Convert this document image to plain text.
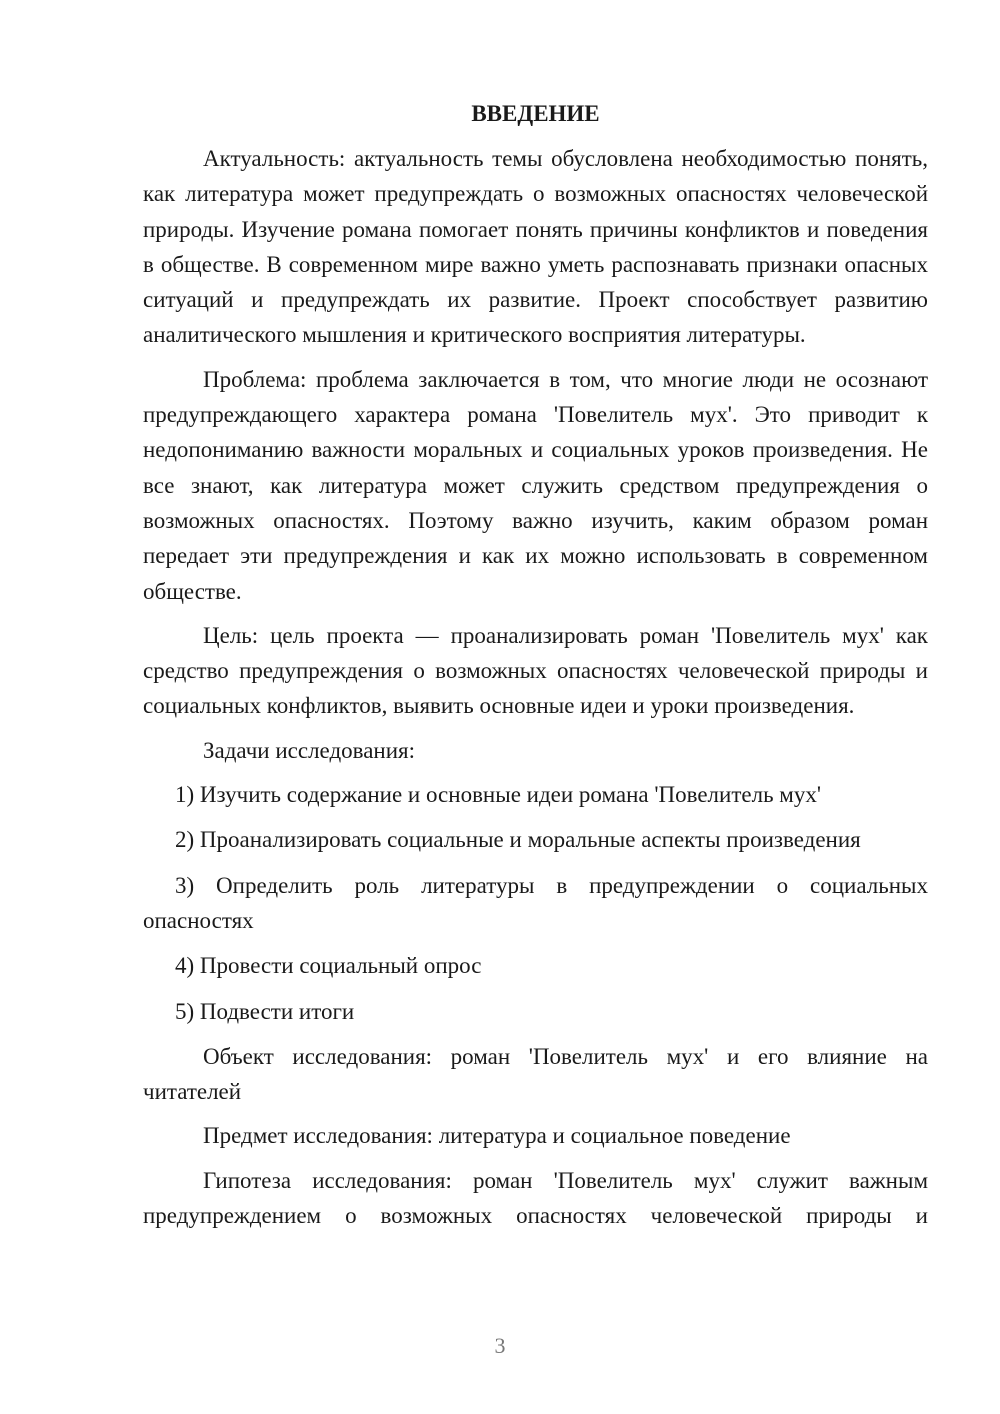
ВВЕДЕНИЕ

Актуальность: актуальность темы обусловлена необходимостью понять, как литература может предупреждать о возможных опасностях человеческой природы. Изучение романа помогает понять причины конфликтов и поведения в обществе. В современном мире важно уметь распознавать признаки опасных ситуаций и предупреждать их развитие. Проект способствует развитию аналитического мышления и критического восприятия литературы.

Проблема: проблема заключается в том, что многие люди не осознают предупреждающего характера романа 'Повелитель мух'. Это приводит к недопониманию важности моральных и социальных уроков произведения. Не все знают, как литература может служить средством предупреждения о возможных опасностях. Поэтому важно изучить, каким образом роман передает эти предупреждения и как их можно использовать в современном обществе.

Цель: цель проекта — проанализировать роман 'Повелитель мух' как средство предупреждения о возможных опасностях человеческой природы и социальных конфликтов, выявить основные идеи и уроки произведения.

Задачи исследования:

1) Изучить содержание и основные идеи романа 'Повелитель мух'

2) Проанализировать социальные и моральные аспекты произведения

3) Определить роль литературы в предупреждении о социальных опасностях

4) Провести социальный опрос

5) Подвести итоги

Объект исследования: роман 'Повелитель мух' и его влияние на читателей

Предмет исследования: литература и социальное поведение

Гипотеза исследования: роман 'Повелитель мух' служит важным предупреждением о возможных опасностях человеческой природы и

3
